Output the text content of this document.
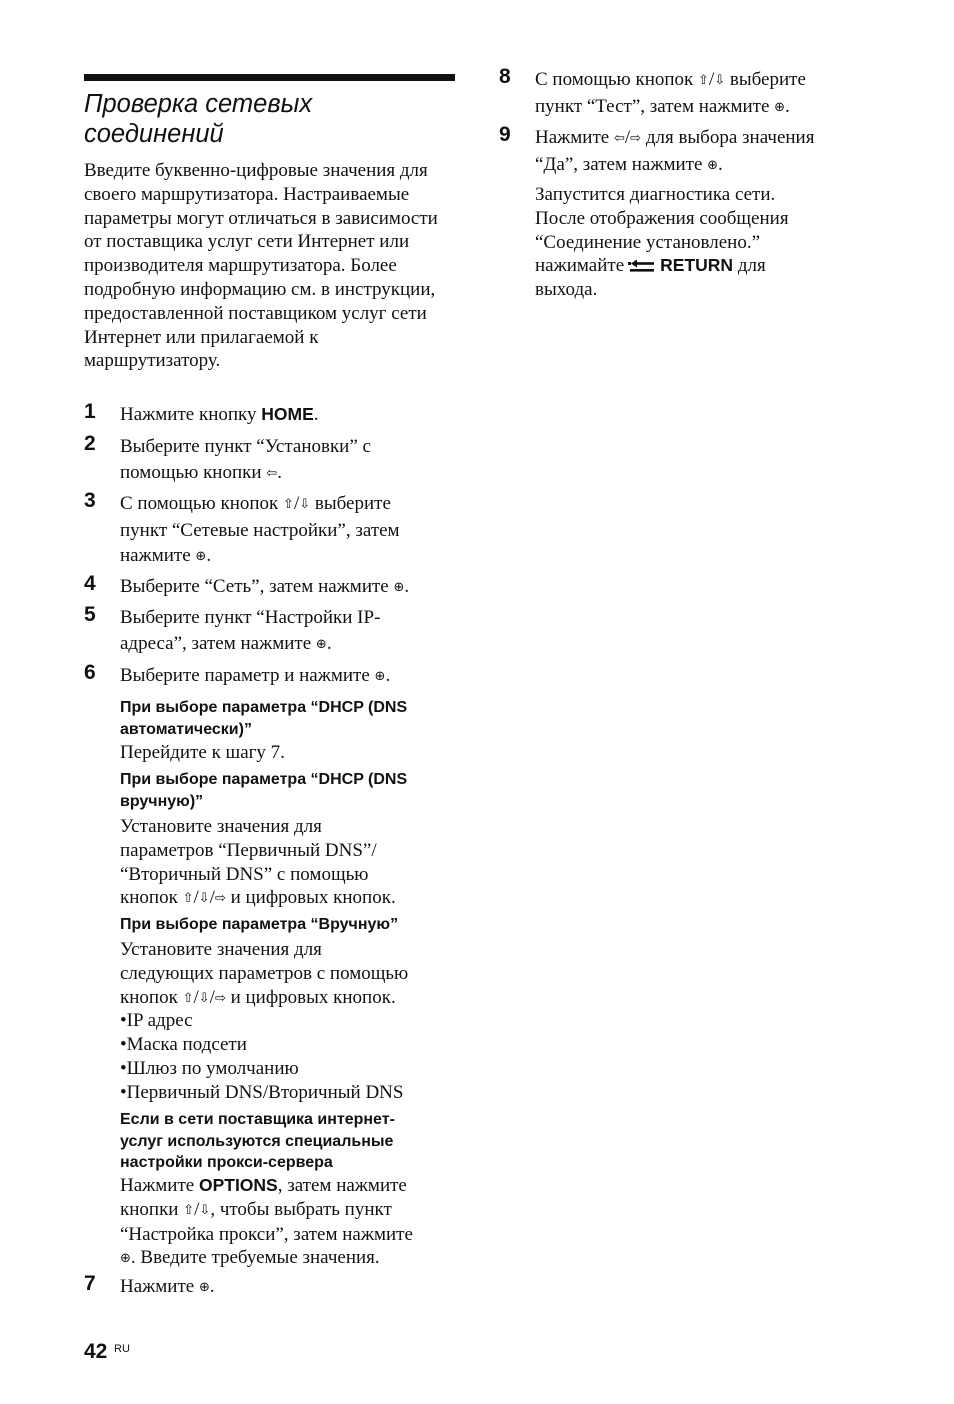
Проверка сетевых
соединений

Введите буквенно-цифровые значения для своего маршрутизатора. Настраиваемые параметры могут отличаться в зависимости от поставщика услуг сети Интернет или производителя маршрутизатора. Более подробную информацию см. в инструкции, предоставленной поставщиком услуг сети Интернет или прилагаемой к маршрутизатору.

1 Нажмите кнопку HOME.
2 Выберите пункт “Установки” с
помощью кнопки ⇦.
3 С помощью кнопок ⇧/⇩ выберите
пункт “Сетевые настройки”, затем
нажмите ⊕.
4 Выберите “Сеть”, затем нажмите ⊕.
5 Выберите пункт “Настройки IP-
адреса”, затем нажмите ⊕.
6 Выберите параметр и нажмите ⊕.
При выборе параметра “DHCP (DNS
автоматически)”
Перейдите к шагу 7.
При выборе параметра “DHCP (DNS
вручную)”
Установите значения для
параметров “Первичный DNS”/
“Вторичный DNS” с помощью
кнопок ⇧/⇩/⇨ и цифровых кнопок.
При выборе параметра “Вручную”
Установите значения для
следующих параметров с помощью
кнопок ⇧/⇩/⇨ и цифровых кнопок.
•IP адрес
•Маска подсети
•Шлюз по умолчанию
•Первичный DNS/Вторичный DNS
Если в сети поставщика интернет-
услуг используются специальные
настройки прокси-сервера
Нажмите OPTIONS, затем нажмите
кнопки ⇧/⇩, чтобы выбрать пункт
“Настройка прокси”, затем нажмите
⊕. Введите требуемые значения.
7 Нажмите ⊕.
8 С помощью кнопок ⇧/⇩ выберите
пункт “Тест”, затем нажмите ⊕.
9 Нажмите ⇦/⇨ для выбора значения
“Да”, затем нажмите ⊕.
Запустится диагностика сети.
После отображения сообщения
“Соединение установлено.”
нажимайте RETURN для
выхода.
42 RU
